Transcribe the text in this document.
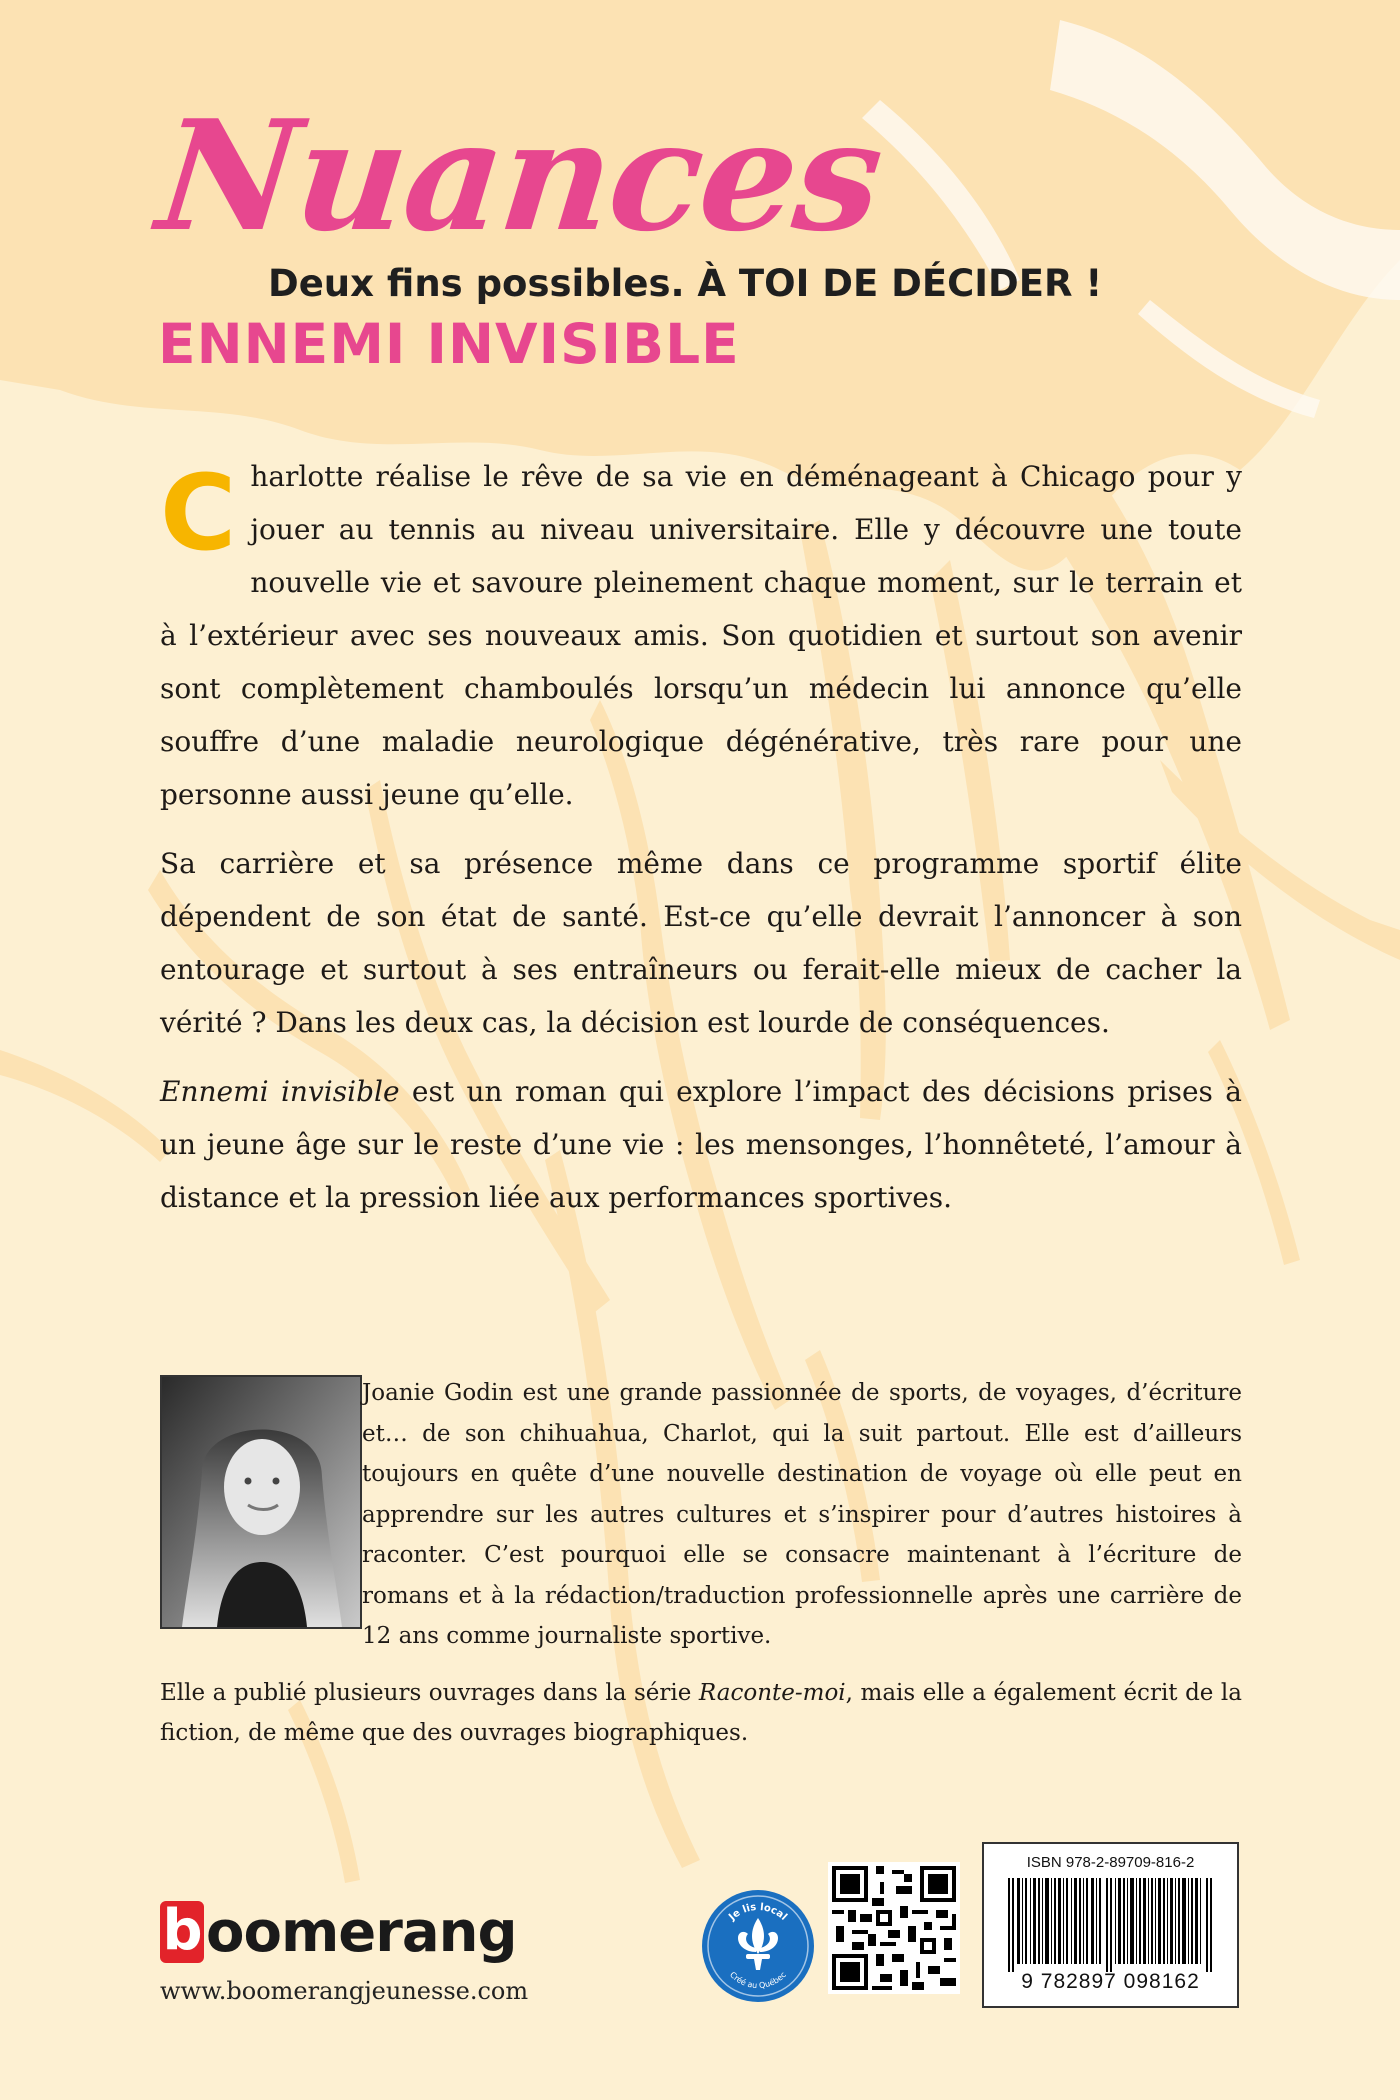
Nuances
Deux fins possibles. À TOI DE DÉCIDER !
ENNEMI INVISIBLE

Charlotte réalise le rêve de sa vie en déménageant à Chicago pour y jouer au tennis au niveau universitaire. Elle y découvre une toute nouvelle vie et savoure pleinement chaque moment, sur le terrain et à l’extérieur avec ses nouveaux amis. Son quotidien et surtout son avenir sont complètement chamboulés lorsqu’un médecin lui annonce qu’elle souffre d’une maladie neurologique dégénérative, très rare pour une personne aussi jeune qu’elle.

Sa carrière et sa présence même dans ce programme sportif élite dépendent de son état de santé. Est-ce qu’elle devrait l’annoncer à son entourage et surtout à ses entraîneurs ou ferait-elle mieux de cacher la vérité ? Dans les deux cas, la décision est lourde de conséquences.

Ennemi invisible est un roman qui explore l’impact des décisions prises à un jeune âge sur le reste d’une vie : les mensonges, l’honnêteté, l’amour à distance et la pression liée aux performances sportives.

Joanie Godin est une grande passionnée de sports, de voyages, d’écriture et… de son chihuahua, Charlot, qui la suit partout. Elle est d’ailleurs toujours en quête d’une nouvelle destination de voyage où elle peut en apprendre sur les autres cultures et s’inspirer pour d’autres histoires à raconter. C’est pourquoi elle se consacre maintenant à l’écriture de romans et à la rédaction/traduction professionnelle après une carrière de 12 ans comme journaliste sportive.

Elle a publié plusieurs ouvrages dans la série Raconte-moi, mais elle a également écrit de la fiction, de même que des ouvrages biographiques.

boomerang
www.boomerangjeunesse.com
Je lis local
Créé au Québec
ISBN 978-2-89709-816-2
9 782897 098162
